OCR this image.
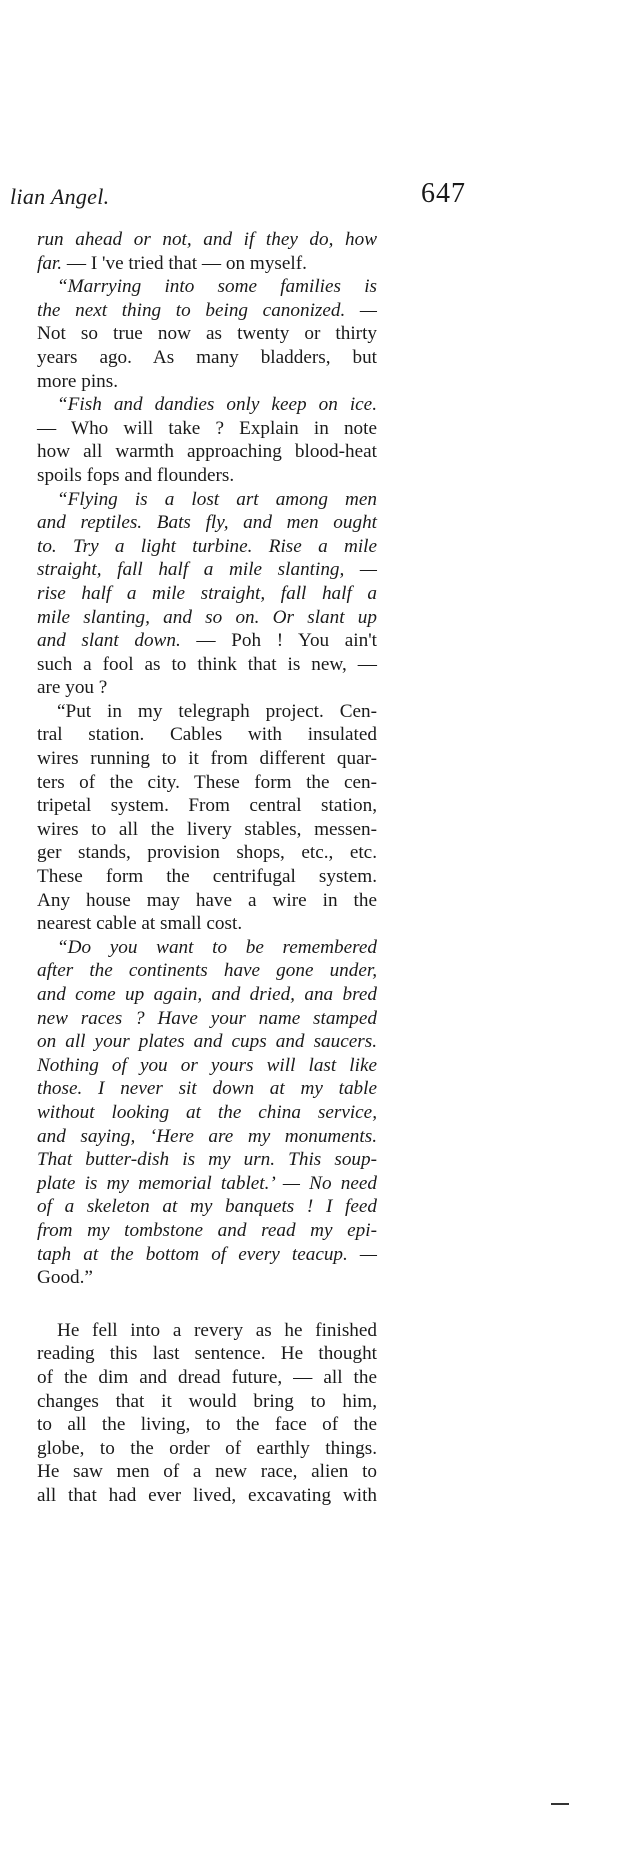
lian Angel.	647
run ahead or not, and if they do, how
far. — I 've tried that — on myself.
“Marrying into some families is
the next thing to being canonized. —
Not so true now as twenty or thirty
years ago. As many bladders, but
more pins.
“Fish and dandies only keep on ice.
— Who will take ? Explain in note
how all warmth approaching blood-heat
spoils fops and flounders.
“Flying is a lost art among men
and reptiles. Bats fly, and men ought
to. Try a light turbine. Rise a mile
straight, fall half a mile slanting, —
rise half a mile straight, fall half a
mile slanting, and so on. Or slant up
and slant down. — Poh ! You ain't
such a fool as to think that is new, —
are you ?
“Put in my telegraph project. Cen-
tral station. Cables with insulated
wires running to it from different quar-
ters of the city. These form the cen-
tripetal system. From central station,
wires to all the livery stables, messen-
ger stands, provision shops, etc., etc.
These form the centrifugal system.
Any house may have a wire in the
nearest cable at small cost.
“Do you want to be remembered
after the continents have gone under,
and come up again, and dried, ana bred
new races ? Have your name stamped
on all your plates and cups and saucers.
Nothing of you or yours will last like
those. I never sit down at my table
without looking at the china service,
and saying, ‘Here are my monuments.
That butter-dish is my urn. This soup-
plate is my memorial tablet.’ — No need
of a skeleton at my banquets ! I feed
from my tombstone and read my epi-
taph at the bottom of every teacup. —
Good.”
He fell into a revery as he finished
reading this last sentence. He thought
of the dim and dread future, — all the
changes that it would bring to him,
to all the living, to the face of the
globe, to the order of earthly things.
He saw men of a new race, alien to
all that had ever lived, excavating with
